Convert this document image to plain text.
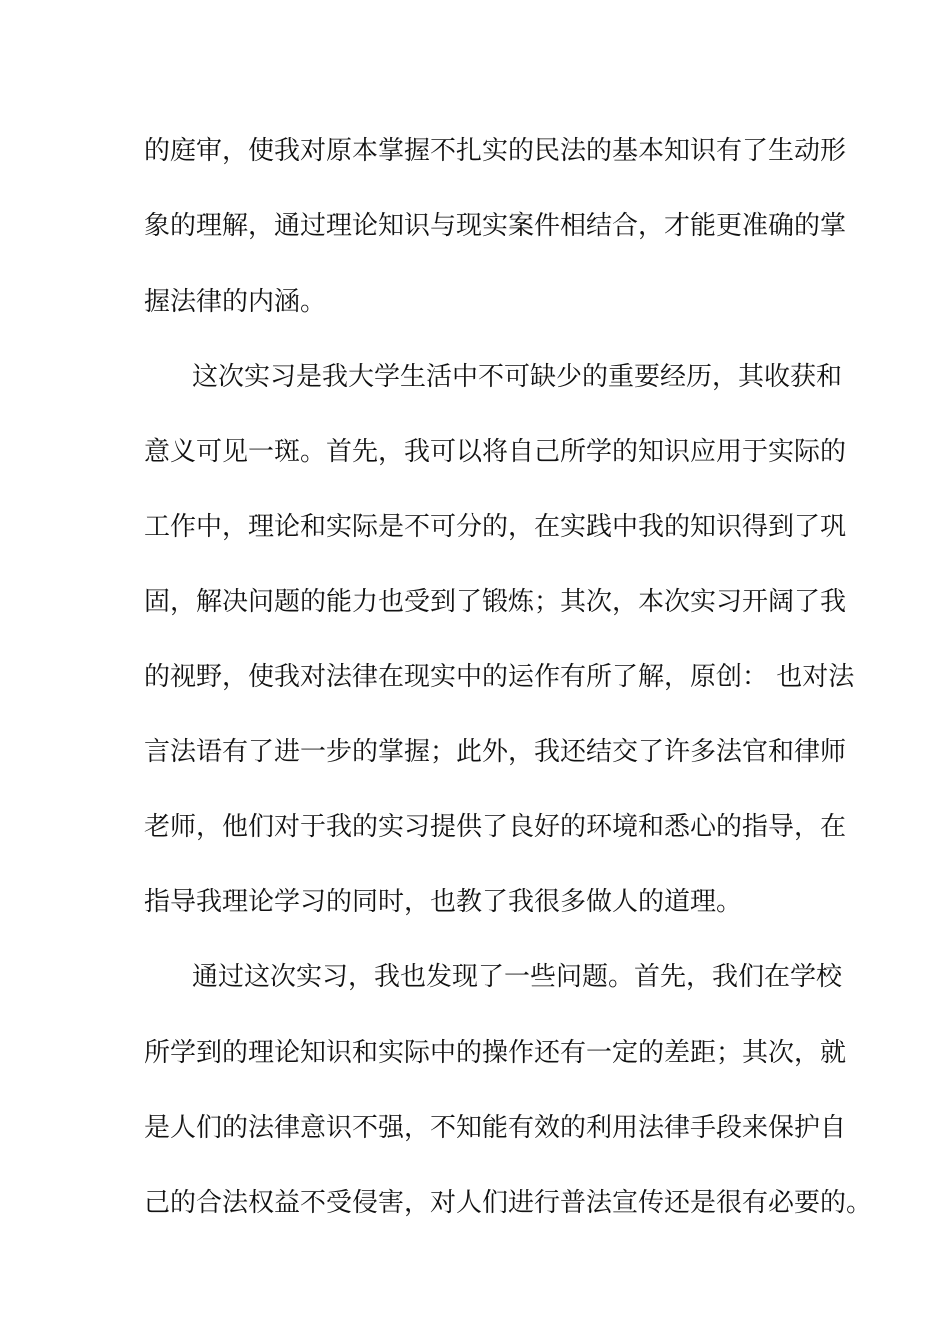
的庭审，使我对原本掌握不扎实的民法的基本知识有了生动形
象的理解，通过理论知识与现实案件相结合，才能更准确的掌
握法律的内涵。
这次实习是我大学生活中不可缺少的重要经历，其收获和
意义可见一斑。首先，我可以将自己所学的知识应用于实际的
工作中，理论和实际是不可分的，在实践中我的知识得到了巩
固，解决问题的能力也受到了锻炼；其次，本次实习开阔了我
的视野，使我对法律在现实中的运作有所了解，原创： 也对法
言法语有了进一步的掌握；此外，我还结交了许多法官和律师
老师，他们对于我的实习提供了良好的环境和悉心的指导，在
指导我理论学习的同时，也教了我很多做人的道理。
通过这次实习，我也发现了一些问题。首先，我们在学校
所学到的理论知识和实际中的操作还有一定的差距；其次，就
是人们的法律意识不强，不知能有效的利用法律手段来保护自
己的合法权益不受侵害，对人们进行普法宣传还是很有必要的。
